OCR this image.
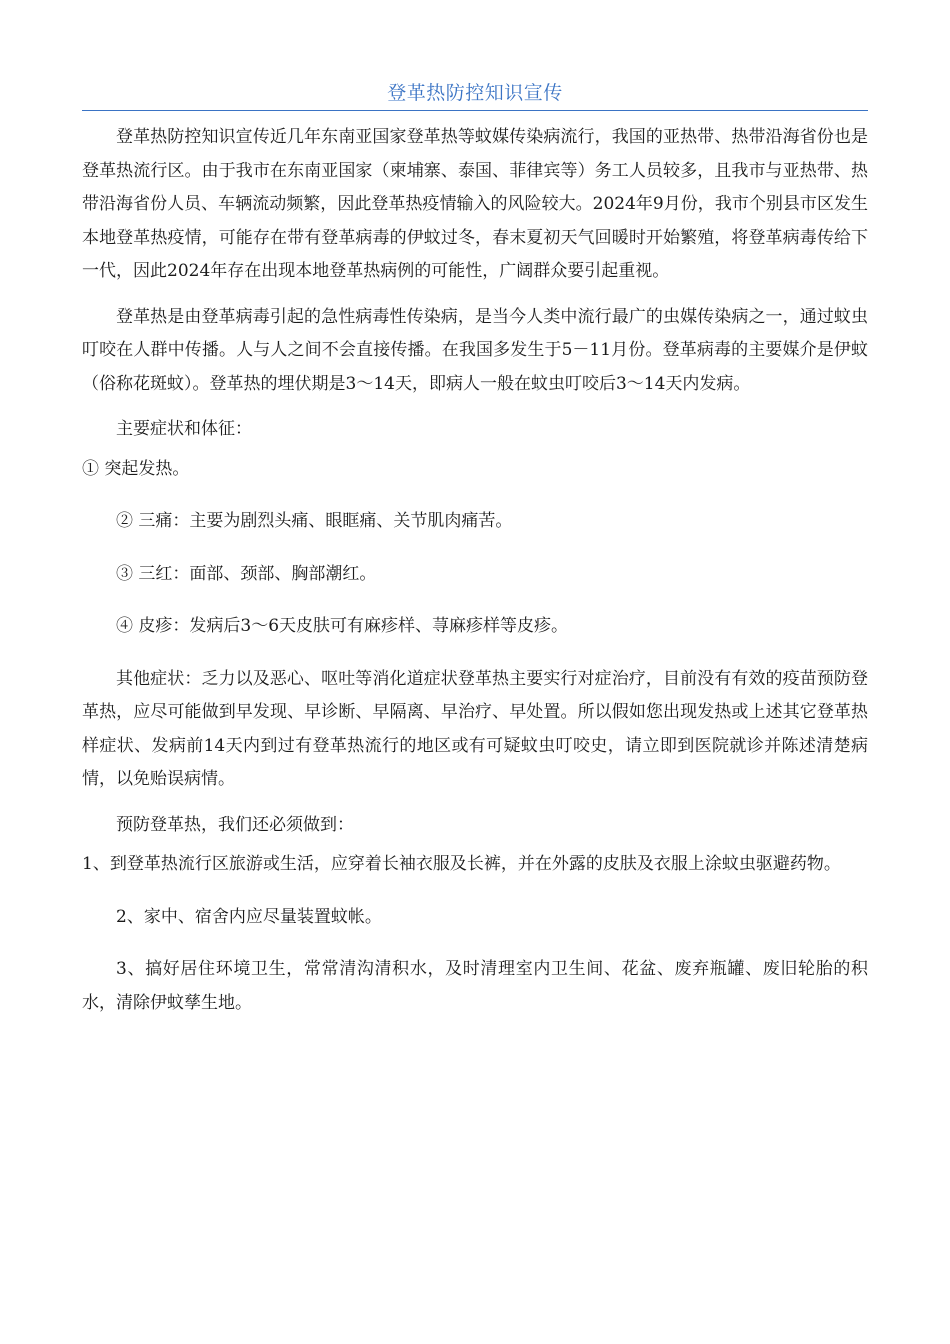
登革热防控知识宣传

登革热防控知识宣传近几年东南亚国家登革热等蚊媒传染病流行，我国的亚热带、热带沿海省份也是登革热流行区。由于我市在东南亚国家（柬埔寨、泰国、菲律宾等）务工人员较多，且我市与亚热带、热带沿海省份人员、车辆流动频繁，因此登革热疫情输入的风险较大。2024年9月份，我市个别县市区发生本地登革热疫情，可能存在带有登革病毒的伊蚊过冬，春末夏初天气回暖时开始繁殖，将登革病毒传给下一代，因此2024年存在出现本地登革热病例的可能性，广阔群众要引起重视。

登革热是由登革病毒引起的急性病毒性传染病，是当今人类中流行最广的虫媒传染病之一，通过蚊虫叮咬在人群中传播。人与人之间不会直接传播。在我国多发生于5－11月份。登革病毒的主要媒介是伊蚊（俗称花斑蚊）。登革热的埋伏期是3～14天，即病人一般在蚊虫叮咬后3～14天内发病。

主要症状和体征：

① 突起发热。

② 三痛：主要为剧烈头痛、眼眶痛、关节肌肉痛苦。

③ 三红：面部、颈部、胸部潮红。

④ 皮疹：发病后3～6天皮肤可有麻疹样、荨麻疹样等皮疹。

其他症状：乏力以及恶心、呕吐等消化道症状登革热主要实行对症治疗，目前没有有效的疫苗预防登革热，应尽可能做到早发现、早诊断、早隔离、早治疗、早处置。所以假如您出现发热或上述其它登革热样症状、发病前14天内到过有登革热流行的地区或有可疑蚊虫叮咬史，请立即到医院就诊并陈述清楚病情，以免贻误病情。

预防登革热，我们还必须做到：

1、到登革热流行区旅游或生活，应穿着长袖衣服及长裤，并在外露的皮肤及衣服上涂蚊虫驱避药物。

2、家中、宿舍内应尽量装置蚊帐。

3、搞好居住环境卫生，常常清沟清积水，及时清理室内卫生间、花盆、废弃瓶罐、废旧轮胎的积水，清除伊蚊孳生地。
